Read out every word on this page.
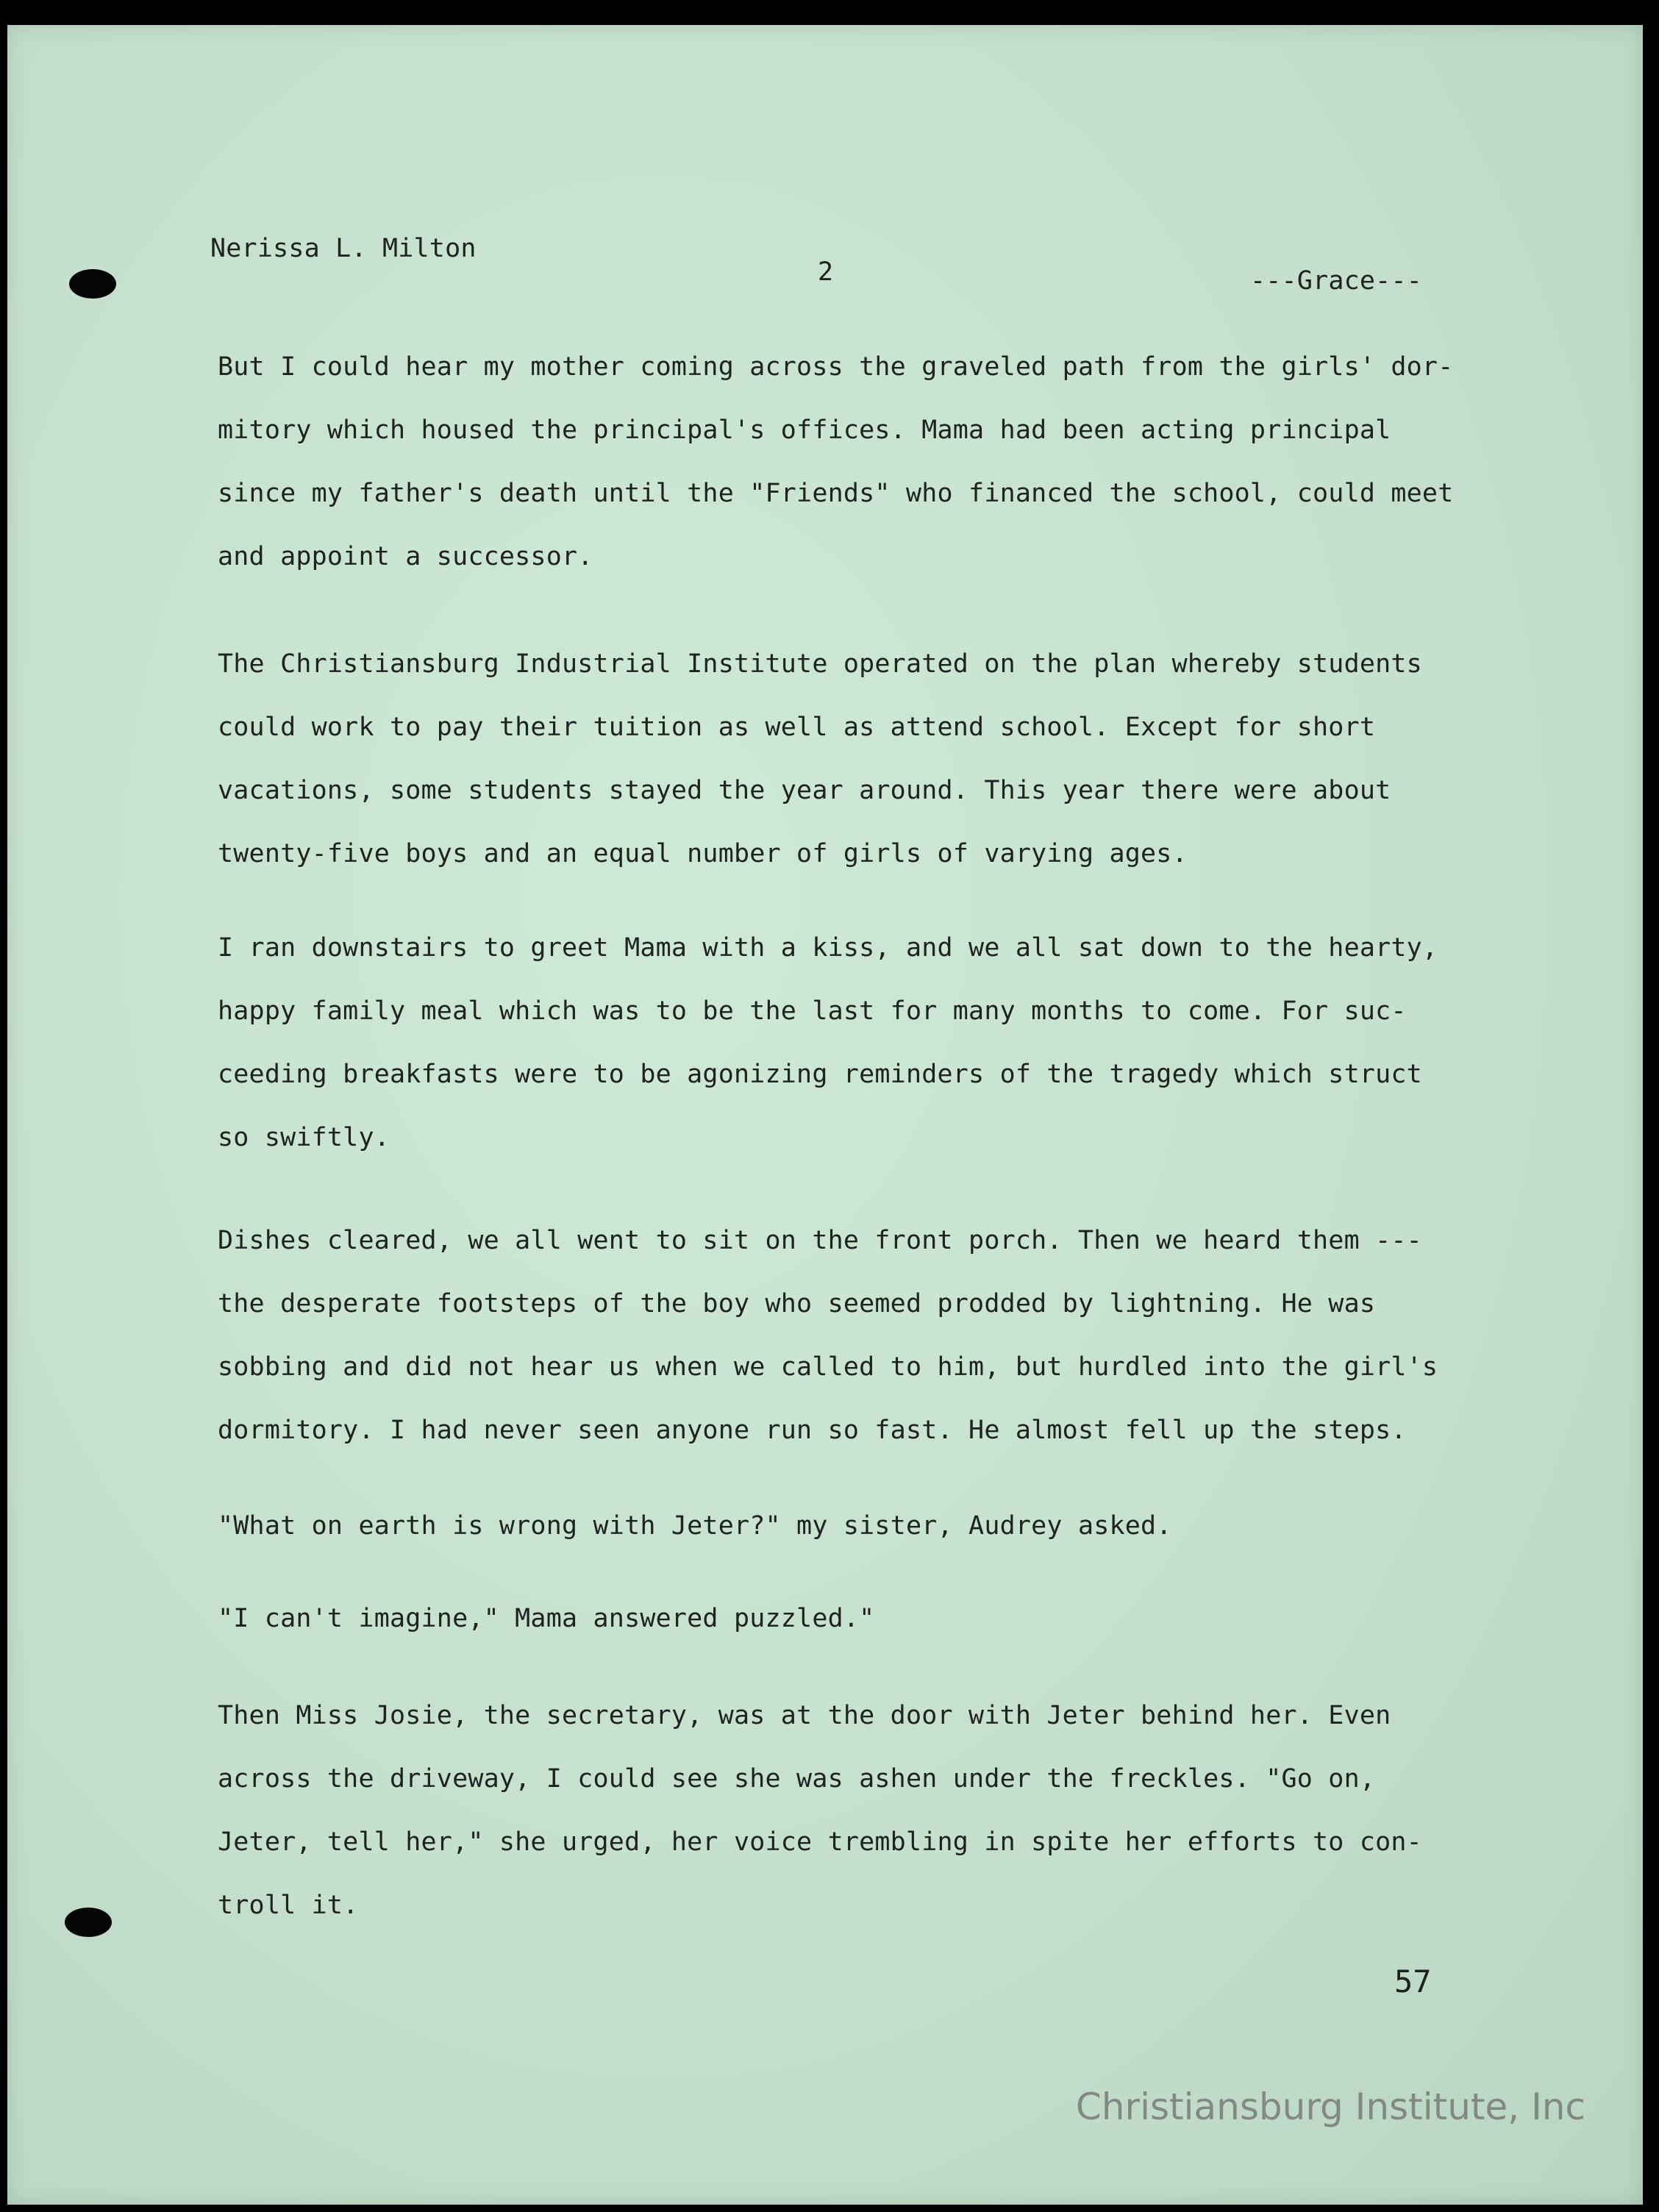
Nerissa L. Milton
2	---Grace---
But I could hear my mother coming across the graveled path from the girls' dor-
mitory which housed the principal's offices. Mama had been acting principal
since my father's death until the "Friends" who financed the school, could meet
and appoint a successor.
The Christiansburg Industrial Institute operated on the plan whereby students
could work to pay their tuition as well as attend school. Except for short
vacations, some students stayed the year around. This year there were about
twenty-five boys and an equal number of girls of varying ages.
I ran downstairs to greet Mama with a kiss, and we all sat down to the hearty,
happy family meal which was to be the last for many months to come. For suc-
ceeding breakfasts were to be agonizing reminders of the tragedy which struct
so swiftly.
Dishes cleared, we all went to sit on the front porch. Then we heard them ---
the desperate footsteps of the boy who seemed prodded by lightning. He was
sobbing and did not hear us when we called to him, but hurdled into the girl's
dormitory. I had never seen anyone run so fast. He almost fell up the steps.
"What on earth is wrong with Jeter?" my sister, Audrey asked.
"I can't imagine," Mama answered puzzled."
Then Miss Josie, the secretary, was at the door with Jeter behind her. Even
across the driveway, I could see she was ashen under the freckles. "Go on,
Jeter, tell her," she urged, her voice trembling in spite her efforts to con-
troll it.
57
Christiansburg Institute, Inc
